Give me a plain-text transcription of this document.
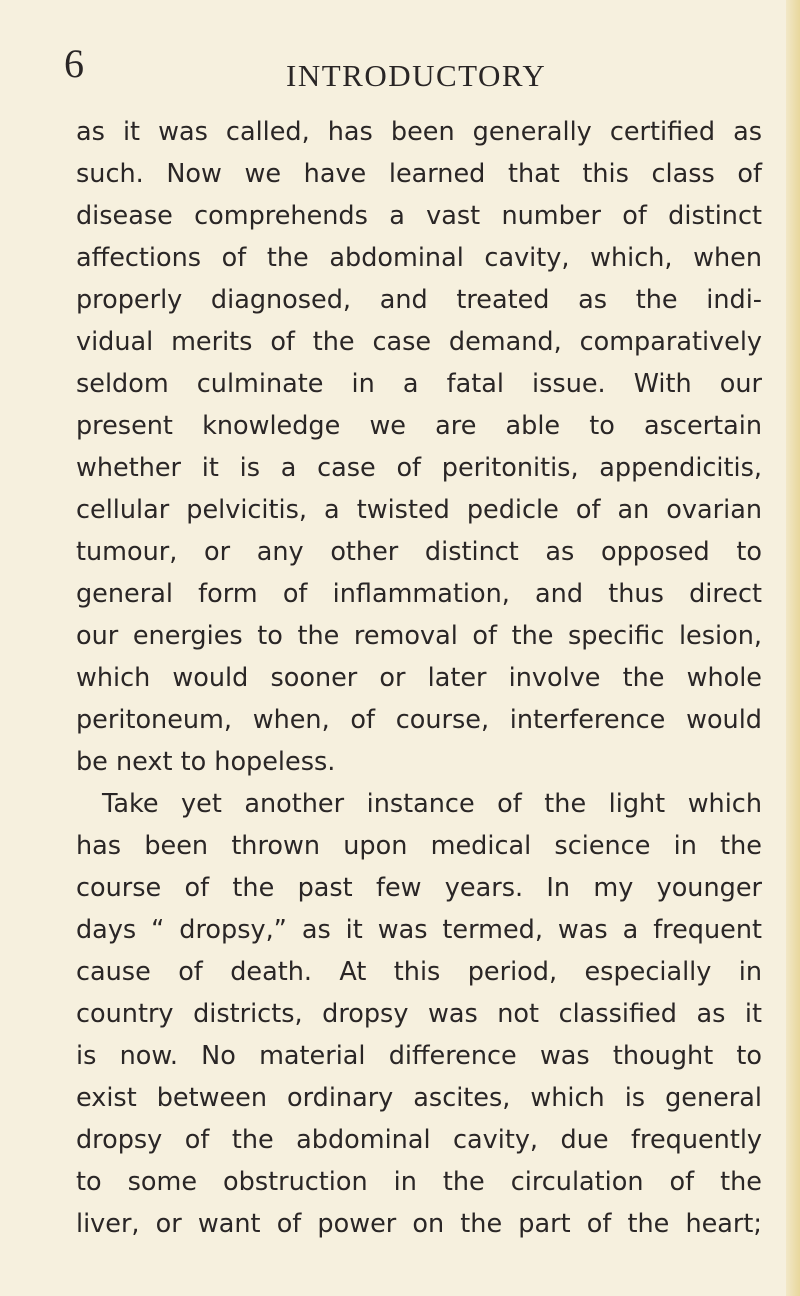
6	INTRODUCTORY
as it was called, has been generally certified as
such. Now we have learned that this class of
disease comprehends a vast number of distinct
affections of the abdominal cavity, which, when
properly diagnosed, and treated as the indi-
vidual merits of the case demand, comparatively
seldom culminate in a fatal issue. With our
present knowledge we are able to ascertain
whether it is a case of peritonitis, appendicitis,
cellular pelvicitis, a twisted pedicle of an ovarian
tumour, or any other distinct as opposed to
general form of inflammation, and thus direct
our energies to the removal of the specific lesion,
which would sooner or later involve the whole
peritoneum, when, of course, interference would
be next to hopeless.
Take yet another instance of the light which
has been thrown upon medical science in the
course of the past few years. In my younger
days “ dropsy,” as it was termed, was a frequent
cause of death. At this period, especially in
country districts, dropsy was not classified as it
is now. No material difference was thought to
exist between ordinary ascites, which is general
dropsy of the abdominal cavity, due frequently
to some obstruction in the circulation of the
liver, or want of power on the part of the heart;
